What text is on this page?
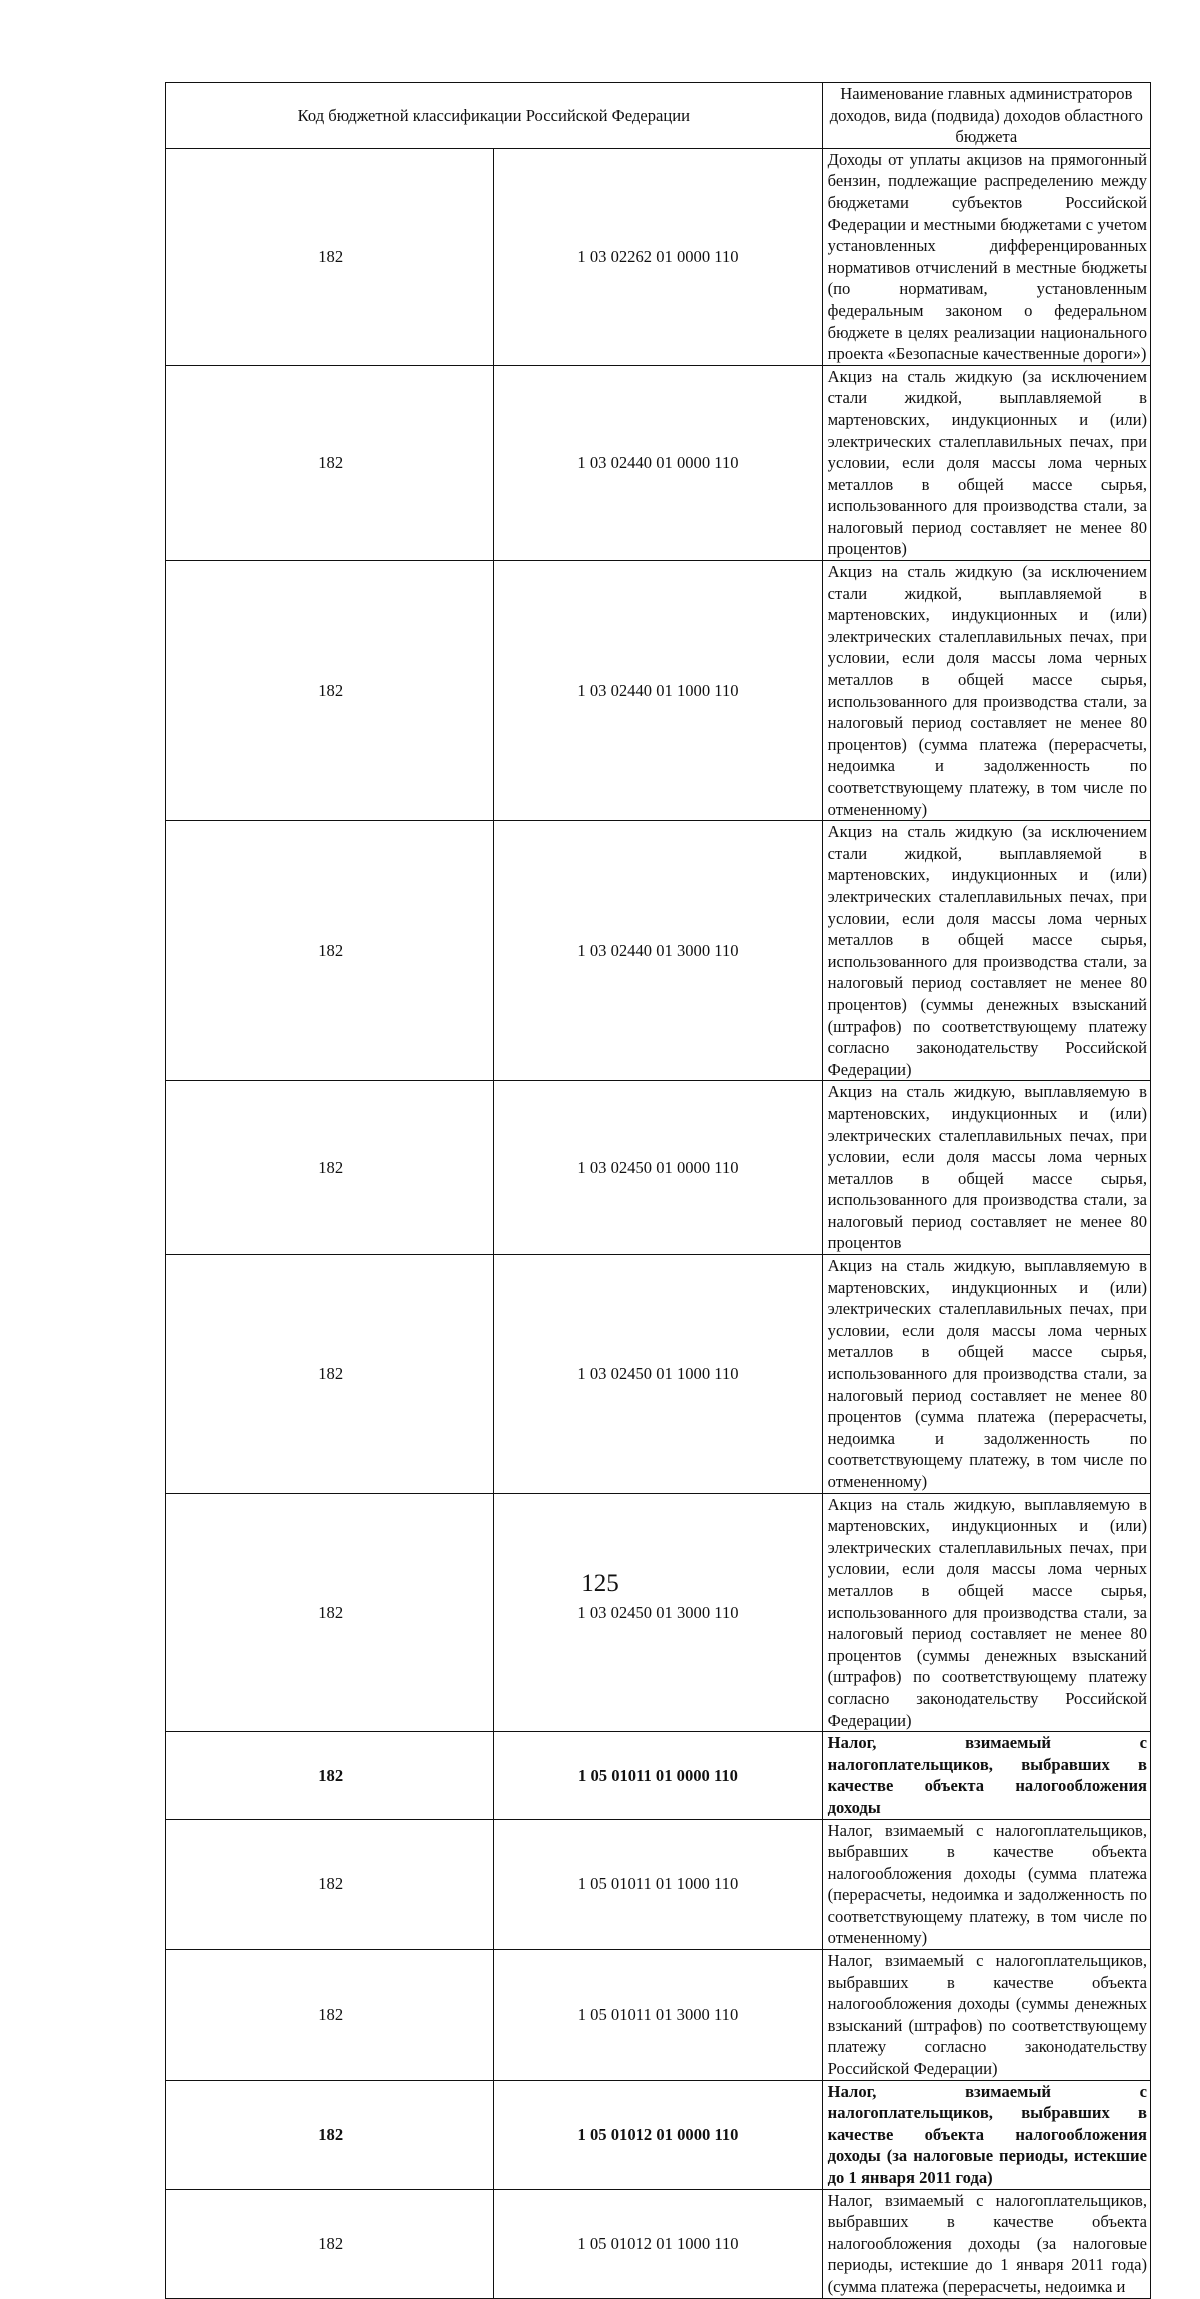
Код бюджетной классификации Российской Федерации		Наименование главных администраторов доходов, вида (подвида) доходов областного бюджета
182	1 03 02262 01 0000 110	Доходы от уплаты акцизов на прямогонный бензин, подлежащие распределению между бюджетами субъектов Российской Федерации и местными бюджетами с учетом установленных дифференцированных нормативов отчислений в местные бюджеты (по нормативам, установленным федеральным законом о федеральном бюджете в целях реализации национального проекта «Безопасные качественные дороги»)
182	1 03 02440 01 0000 110	Акциз на сталь жидкую (за исключением стали жидкой, выплавляемой в мартеновских, индукционных и (или) электрических сталеплавильных печах, при условии, если доля массы лома черных металлов в общей массе сырья, использованного для производства стали, за налоговый период составляет не менее 80 процентов)
182	1 03 02440 01 1000 110	Акциз на сталь жидкую (за исключением стали жидкой, выплавляемой в мартеновских, индукционных и (или) электрических сталеплавильных печах, при условии, если доля массы лома черных металлов в общей массе сырья, использованного для производства стали, за налоговый период составляет не менее 80 процентов) (сумма платежа (перерасчеты, недоимка и задолженность по соответствующему платежу, в том числе по отмененному)
182	1 03 02440 01 3000 110	Акциз на сталь жидкую (за исключением стали жидкой, выплавляемой в мартеновских, индукционных и (или) электрических сталеплавильных печах, при условии, если доля массы лома черных металлов в общей массе сырья, использованного для производства стали, за налоговый период составляет не менее 80 процентов) (суммы денежных взысканий (штрафов) по соответствующему платежу согласно законодательству Российской Федерации)
182	1 03 02450 01 0000 110	Акциз на сталь жидкую, выплавляемую в мартеновских, индукционных и (или) электрических сталеплавильных печах, при условии, если доля массы лома черных металлов в общей массе сырья, использованного для производства стали, за налоговый период составляет не менее 80 процентов
182	1 03 02450 01 1000 110	Акциз на сталь жидкую, выплавляемую в мартеновских, индукционных и (или) электрических сталеплавильных печах, при условии, если доля массы лома черных металлов в общей массе сырья, использованного для производства стали, за налоговый период составляет не менее 80 процентов (сумма платежа (перерасчеты, недоимка и задолженность по соответствующему платежу, в том числе по отмененному)
182	1 03 02450 01 3000 110	Акциз на сталь жидкую, выплавляемую в мартеновских, индукционных и (или) электрических сталеплавильных печах, при условии, если доля массы лома черных металлов в общей массе сырья, использованного для производства стали, за налоговый период составляет не менее 80 процентов (суммы денежных взысканий (штрафов) по соответствующему платежу согласно законодательству Российской Федерации)
182	1 05 01011 01 0000 110	Налог, взимаемый с налогоплательщиков, выбравших в качестве объекта налогообложения доходы
182	1 05 01011 01 1000 110	Налог, взимаемый с налогоплательщиков, выбравших в качестве объекта налогообложения доходы (сумма платежа (перерасчеты, недоимка и задолженность по соответствующему платежу, в том числе по отмененному)
182	1 05 01011 01 3000 110	Налог, взимаемый с налогоплательщиков, выбравших в качестве объекта налогообложения доходы (суммы денежных взысканий (штрафов) по соответствующему платежу согласно законодательству Российской Федерации)
182	1 05 01012 01 0000 110	Налог, взимаемый с налогоплательщиков, выбравших в качестве объекта налогообложения доходы (за налоговые периоды, истекшие до 1 января 2011 года)
182	1 05 01012 01 1000 110	Налог, взимаемый с налогоплательщиков, выбравших в качестве объекта налогообложения доходы (за налоговые периоды, истекшие до 1 января 2011 года) (сумма платежа (перерасчеты, недоимка и
125
